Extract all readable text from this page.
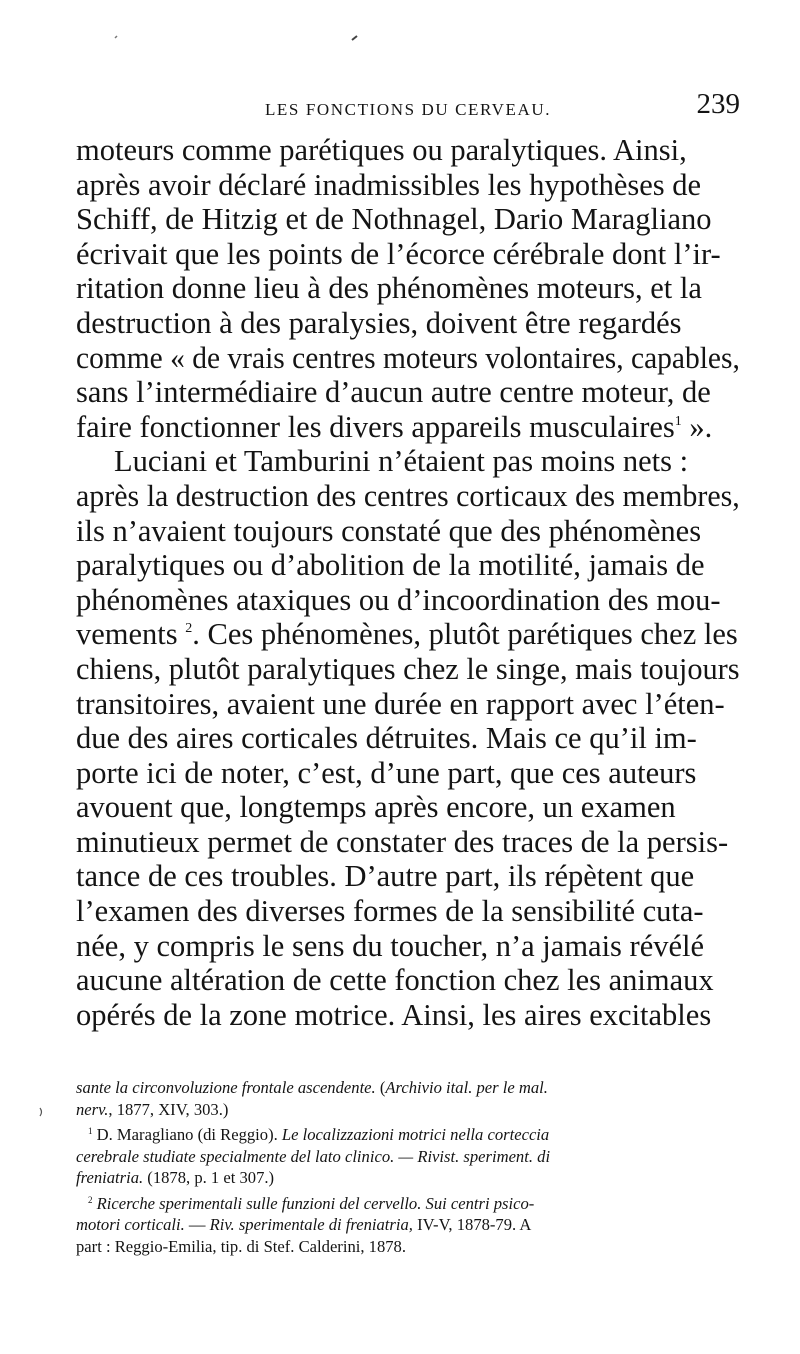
LES FONCTIONS DU CERVEAU.	239
moteurs comme parétiques ou paralytiques. Ainsi,
après avoir déclaré inadmissibles les hypothèses de
Schiff, de Hitzig et de Nothnagel, Dario Maragliano
écrivait que les points de l’écorce cérébrale dont l’ir-
ritation donne lieu à des phénomènes moteurs, et la
destruction à des paralysies, doivent être regardés
comme « de vrais centres moteurs volontaires, capables,
sans l’intermédiaire d’aucun autre centre moteur, de
faire fonctionner les divers appareils musculaires$^1$ ».
Luciani et Tamburini n’étaient pas moins nets :
après la destruction des centres corticaux des membres,
ils n’avaient toujours constaté que des phénomènes
paralytiques ou d’abolition de la motilité, jamais de
phénomènes ataxiques ou d’incoordination des mou-
vements $^2$. Ces phénomènes, plutôt parétiques chez les
chiens, plutôt paralytiques chez le singe, mais toujours
transitoires, avaient une durée en rapport avec l’éten-
due des aires corticales détruites. Mais ce qu’il im-
porte ici de noter, c’est, d’une part, que ces auteurs
avouent que, longtemps après encore, un examen
minutieux permet de constater des traces de la persis-
tance de ces troubles. D’autre part, ils répètent que
l’examen des diverses formes de la sensibilité cuta-
née, y compris le sens du toucher, n’a jamais révélé
aucune altération de cette fonction chez les animaux
opérés de la zone motrice. Ainsi, les aires excitables
sante la circonvoluzione frontale ascendente. (Archivio ital. per le mal.
nerv., 1877, XIV, 303.)
$^1$ D. Maragliano (di Reggio). Le localizzazioni motrici nella corteccia
cerebrale studiate specialmente del lato clinico. — Rivist. speriment. di
freniatria. (1878, p. 1 et 307.)
$^2$ Ricerche sperimentali sulle funzioni del cervello. Sui centri psico-
motori corticali. — Riv. sperimentale di freniatria, IV-V, 1878-79. A
part : Reggio-Emilia, tip. di Stef. Calderini, 1878.
